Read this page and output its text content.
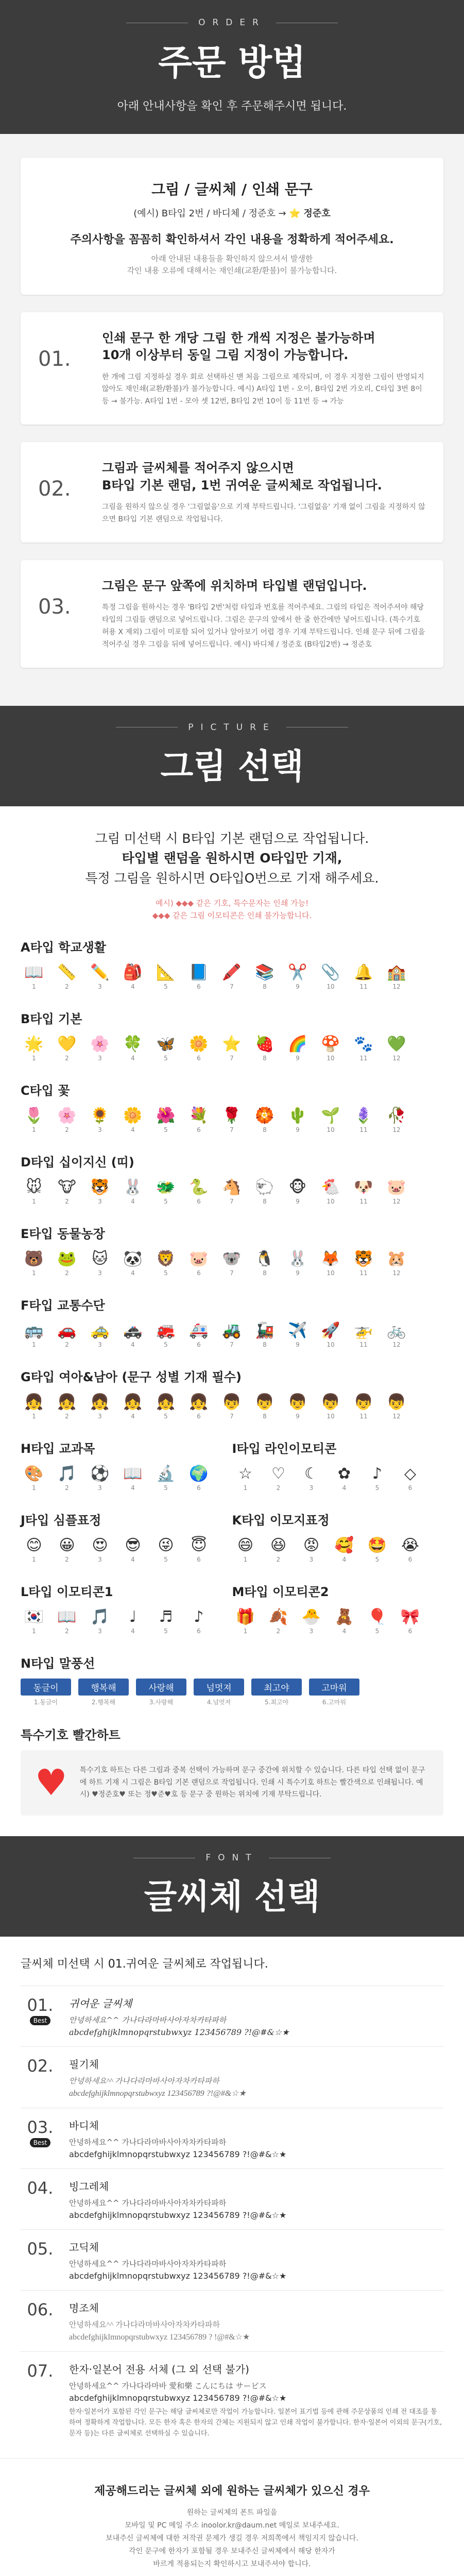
ORDER
주문 방법
아래 안내사항을 확인 후 주문해주시면 됩니다.
그림 / 글씨체 / 인쇄 문구
(예시) B타입 2번 / 바디체 / 정준호 → ⭐ 정준호
주의사항을 꼼꼼히 확인하셔서 각인 내용을 정확하게 적어주세요.
아래 안내된 내용들을 확인하지 않으셔서 발생한
각인 내용 오류에 대해서는 재인쇄(교환/환불)이 불가능합니다.
01.
인쇄 문구 한 개당 그림 한 개씩 지정은 불가능하며
10개 이상부터 동일 그림 지정이 가능합니다.
한 개에 그림 지정하실 경우 회로 선택하신 맨 처음 그림으로 제작되며, 이 경우 지정한 그림이 반영되지 않아도 재인쇄(교환/환불)가 불가능합니다. 예시) A타입 1번 - 오이, B타입 2번 가오리, C타입 3번 8이 등 → 불가능. A타입 1번 - 모아 셋 12번, B타입 2번 10이 등 11번 등 → 가능
02.
그림과 글씨체를 적어주지 않으시면
B타입 기본 랜덤, 1번 귀여운 글씨체로 작업됩니다.
그림을 원하지 않으실 경우 '그림없음'으로 기재 부탁드립니다. '그림없음' 기재 없이 그림을 지정하지 않으면 B타입 기본 랜덤으로 작업됩니다.
03.
그림은 문구 앞쪽에 위치하며 타입별 랜덤입니다.
특정 그림을 원하시는 경우 'B타입 2번'처럼 타입과 번호를 적어주세요. 그림의 타입은 적어주셔야 해당 타입의 그림들 랜덤으로 넣어드립니다. 그림은 문구의 앞에서 한 줄 한간에만 넣어드립니다. (특수기호 허용 X 제외) 그림이 미포함 되어 있거나 알아보기 어렵 경우 기재 부탁드립니다. 인쇄 문구 뒤에 그림을 적어주실 경우 그림을 뒤에 넣어드립니다. 예시) 바디체 / 정준호 (B타입2번) → 정준호
PICTURE
그림 선택
그림 미선택 시 B타입 기본 랜덤으로 작업됩니다.
타입별 랜덤을 원하시면 O타입만 기재,
특정 그림을 원하시면 O타입O번으로 기재 해주세요.
예시) ◆◆◆ 같은 기호, 특수문자는 인쇄 가능!
◆◆◆ 같은 그림 이모티콘은 인쇄 불가능합니다.
A타입 학교생활
📖
1
📏
2
✏️
3
🎒
4
📐
5
📘
6
🖍️
7
📚
8
✂️
9
📎
10
🔔
11
🏫
12
B타입 기본
🌟
1
💛
2
🌸
3
🍀
4
🦋
5
🌼
6
⭐
7
🍓
8
🌈
9
🍄
10
🐾
11
💚
12
C타입 꽃
🌷
1
🌸
2
🌻
3
🌼
4
🌺
5
💐
6
🌹
7
🏵️
8
🌵
9
🌱
10
🪻
11
🥀
12
D타입 십이지신 (띠)
🐭
1
🐮
2
🐯
3
🐰
4
🐲
5
🐍
6
🐴
7
🐑
8
🐵
9
🐔
10
🐶
11
🐷
12
E타입 동물농장
🐻
1
🐸
2
🐱
3
🐼
4
🦁
5
🐷
6
🐨
7
🐧
8
🐰
9
🦊
10
🐯
11
🐹
12
F타입 교통수단
🚌
1
🚗
2
🚕
3
🚓
4
🚒
5
🚑
6
🚜
7
🚂
8
✈️
9
🚀
10
🚁
11
🚲
12
G타입 여아&남아 (문구 성별 기재 필수)
👧
1
👧
2
👧
3
👧
4
👧
5
👧
6
👦
7
👦
8
👦
9
👦
10
👦
11
👦
12
H타입 교과목
🎨
1
🎵
2
⚽
3
📖
4
🔬
5
🌍
6
I타입 라인이모티콘
☆
1
♡
2
☾
3
✿
4
♪
5
◇
6
J타입 심플표정
😊
1
😀
2
😍
3
😎
4
😜
5
😇
6
K타입 이모지표정
😄
1
😆
2
😡
3
🥰
4
🤩
5
😭
6
L타입 이모티콘1
🇰🇷
1
📖
2
🎵
3
♩
4
♬
5
♪
6
M타입 이모티콘2
🎁
1
🍂
2
🐣
3
🧸
4
🎈
5
🎀
6
N타입 말풍선
동글이
1.동글이
행복해
2.행복해
사랑해
3.사랑해
넘멋져
4.넘멋져
최고야
5.최고야
고마워
6.고마워
특수기호 빨간하트
♥ 특수기호 하트는 다른 그림과 중복 선택이 가능하며 문구 중간에 위치할 수 있습니다. 다른 타입 선택 없이 문구에 하트 기재 시 그림은 B타입 기본 랜덤으로 작업됩니다. 인쇄 시 특수기호 하트는 빨간색으로 인쇄됩니다. 예시) ♥정준호♥ 또는 정♥준♥호 등 문구 중 원하는 위치에 기재 부탁드립니다.
FONT
글씨체 선택
글씨체 미선택 시 01.귀여운 글씨체로 작업됩니다.
01.
Best
귀여운 글씨체
안녕하세요^^ 가나다라마바사아자차카타파하
abcdefghijklmnopqrstubwxyz 123456789 ?!@#&☆★
02.	필기체
안녕하세요^^ 가나다라마바사아자차카타파하
abcdefghijklmnopqrstubwxyz 123456789 ?!@#&☆★
03.
Best
바디체
안녕하세요^^ 가나다라마바사아자차카타파하
abcdefghijklmnopqrstubwxyz 123456789 ?!@#&☆★
04.	빙그레체
안녕하세요^^ 가나다라마바사아자차카타파하
abcdefghijklmnopqrstubwxyz 123456789 ?!@#&☆★
05.	고딕체
안녕하세요^^ 가나다라마바사아자차카타파하
abcdefghijklmnopqrstubwxyz 123456789 ?!@#&☆★
06.	명조체
안녕하세요^^ 가나다라마바사아자차카타파하
abcdefghijklmnopqrstubwxyz 123456789 ? !@#&☆★
07.	한자·일본어 전용 서체 (그 외 선택 불가)
안녕하세요^^ 가나다라마바 愛和樂 こんにちは サービス
abcdefghijklmnopqrstubwxyz 123456789 ?!@#&☆★
한자·일본어가 포함된 각인 문구는 해당 글씨체로만 작업이 가능합니다. 일본어 표기법 등에 관해 주문상품의 인쇄 전 대조를 통하여 정확하게 작업합니다. 모든 한자 혹은 한자의 간체는 지원되지 않고 인쇄 작업이 불가합니다. 한자·일본어 이외의 문구(기호, 문자 등)는 다른 글씨체로 선택하실 수 있습니다.
제공해드리는 글씨체 외에 원하는 글씨체가 있으신 경우
원하는 글씨체의 폰트 파일을
모바일 및 PC 메일 주소 inoolor.kr@daum.net 메일로 보내주세요.
보내주신 글씨체에 대한 저작권 문제가 생길 경우 저희쪽에서 책임지지 않습니다.
각인 문구에 한자가 포함될 경우 보내주신 글씨체에서 해당 한자가
바르게 적용되는지 확인하시고 보내주셔야 합니다.
